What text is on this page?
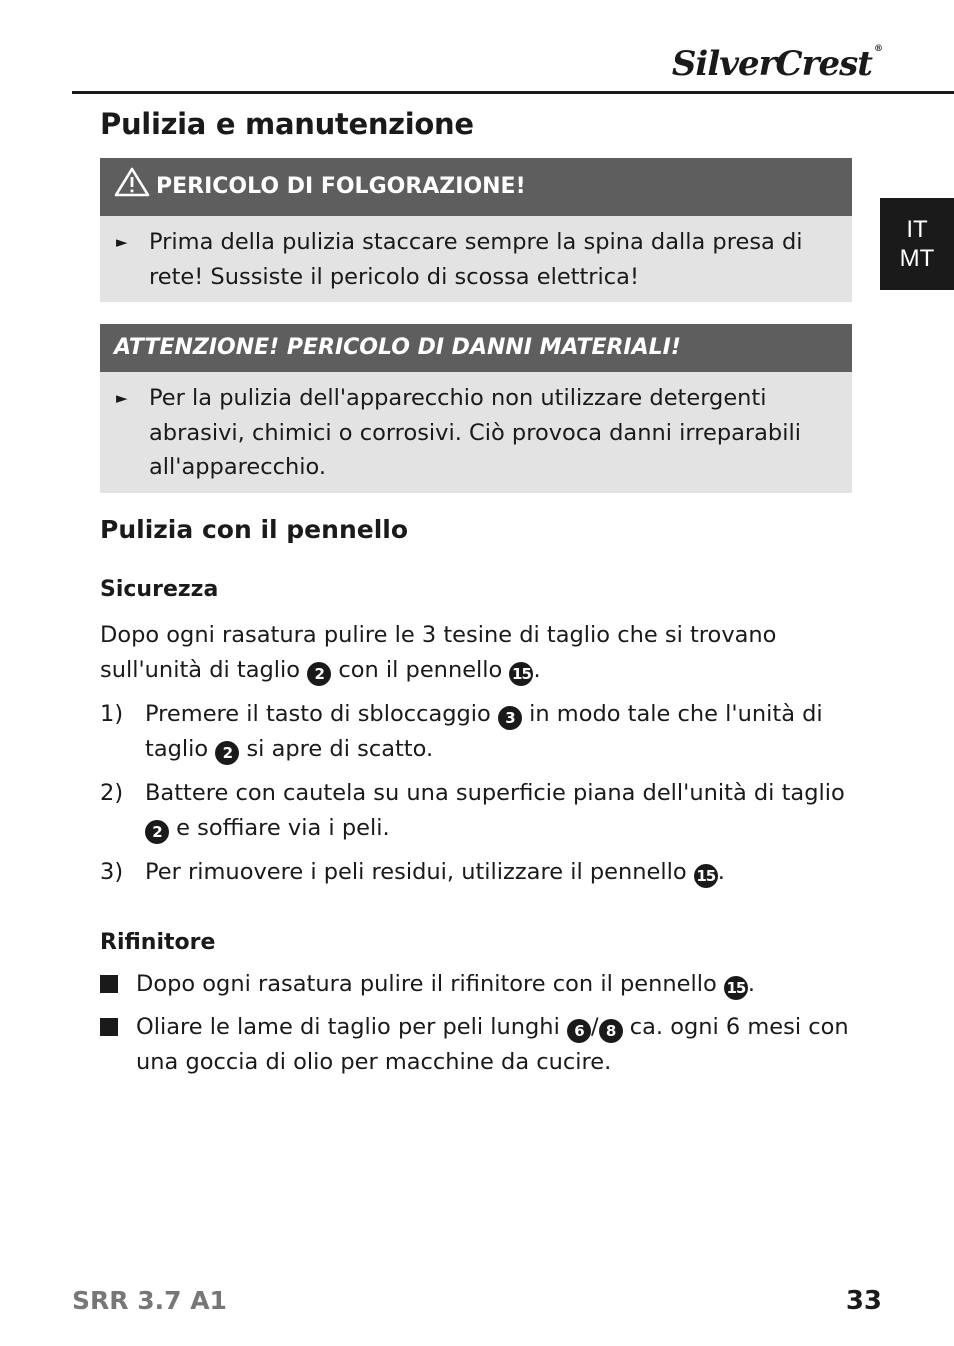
SilverCrest ®
IT
MT
Pulizia e manutenzione
PERICOLO DI FOLGORAZIONE!
► Prima della pulizia staccare sempre la spina dalla presa di rete! Sussiste il pericolo di scossa elettrica!
ATTENZIONE! PERICOLO DI DANNI MATERIALI!
► Per la pulizia dell'apparecchio non utilizzare detergenti abrasivi, chimici o corrosivi. Ciò provoca danni irreparabili all'apparecchio.
Pulizia con il pennello
Sicurezza

Dopo ogni rasatura pulire le 3 tesine di taglio che si trovano sull'unità di taglio 2 con il pennello 15 .

1) Premere il tasto di sbloccaggio 3 in modo tale che l'unità di taglio 2 si apre di scatto.
2) Battere con cautela su una superficie piana dell'unità di taglio 2 e soffiare via i peli.
3) Per rimuovere i peli residui, utilizzare il pennello 15 .
Rifinitore
Dopo ogni rasatura pulire il rifinitore con il pennello 15 .
Oliare le lame di taglio per peli lunghi 6 / 8 ca. ogni 6 mesi con una goccia di olio per macchine da cucire.
SRR 3.7 A1	33
